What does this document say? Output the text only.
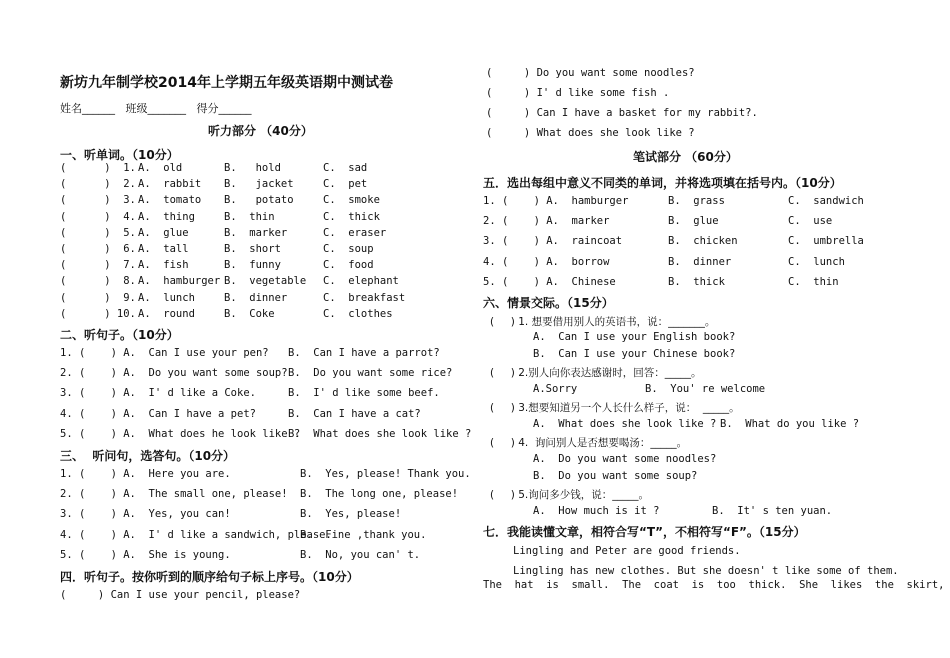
新坊九年制学校2014年上学期五年级英语期中测试卷
姓名______   班级_______   得分______
听力部分 （40分）
一、听单词。（10分）
(      )  1. A.  old	B.   hold	C.  sad
(      )  2. A.  rabbit B.   jacket	C.  pet
(      )  3. A.  tomato B.   potato	C.  smoke
(      )  4. A.  thing	B.  thin	C.  thick
(      )  5. A.  glue	B.  marker	C.  eraser
(      )  6. A.  tall	B.  short	C.  soup
(      )  7. A.  fish	B.  funny	C.  food
(      )  8. A.  hamburger B.  vegetable C.  elephant
(      )  9. A.  lunch	B.  dinner	C.  breakfast
(      ) 10. A.  round	B.  Coke	C.  clothes
二、听句子。（10分）
1. (    ) A.  Can I use your pen? B.  Can I have a parrot?
2. (    ) A.  Do you want some soup? B.  Do you want some rice?
3. (    ) A.  I' d like a Coke.	B.  I' d like some beef.
4. (    ) A.  Can I have a pet?	B.  Can I have a cat?
5. (    ) A.  What does he look like ?
B.  What does she look like ?
三、  听问句，选答句。（10分）
1. (    ) A.  Here you are.	B.  Yes, please! Thank you.
2. (    ) A.  The small one, please! B.  The long one, please!
3. (    ) A.  Yes, you can!	B.  Yes, please!
4. (    ) A.  I' d like a sandwich, please.
B.  Fine ,thank you.
5. (    ) A.  She is young.	B.  No, you can' t.
四．听句子。按你听到的顺序给句子标上序号。（10分）
(     ) Can I use your pencil, please?
(     ) Do you want some noodles?
(     ) I' d like some fish .
(     ) Can I have a basket for my rabbit?.
(     ) What does she look like ?
笔试部分 （60分）
五．选出每组中意义不同类的单词，并将选项填在括号内。（10分）
1. (    ) A.  hamburger	B.  grass	C.  sandwich
2. (    ) A.  marker	B.  glue	C.  use
3. (    ) A.  raincoat	B.  chicken	C.  umbrella
4. (    ) A.  borrow	B.  dinner	C.  lunch
5. (    ) A.  Chinese	B.  thick	C.  thin
六、情景交际。（15分）
(     ) 1. 想要借用别人的英语书，说：_______。
A.  Can I use your English book?
B.  Can I use your Chinese book?
(     ) 2.别人向你表达感谢时，回答：_____。
A.Sorry	B.  You' re welcome
(     ) 3.想要知道另一个人长什么样子，说：  _____。
A.  What does she look like ? B.  What do you like ?
(     ) 4.  询问别人是否想要喝汤：_____。
A.  Do you want some noodles?
B.  Do you want some soup?
(     ) 5.询问多少钱，说：_____。
A.  How much is it ?	B.  It' s ten yuan.
七．我能读懂文章，相符合写“T”，不相符写“F”。（15分）
Lingling and Peter are good friends.
Lingling has new clothes. But she doesn' t like some of them.
The  hat  is  small.  The  coat  is  too  thick.  She  likes  the  skirt,
